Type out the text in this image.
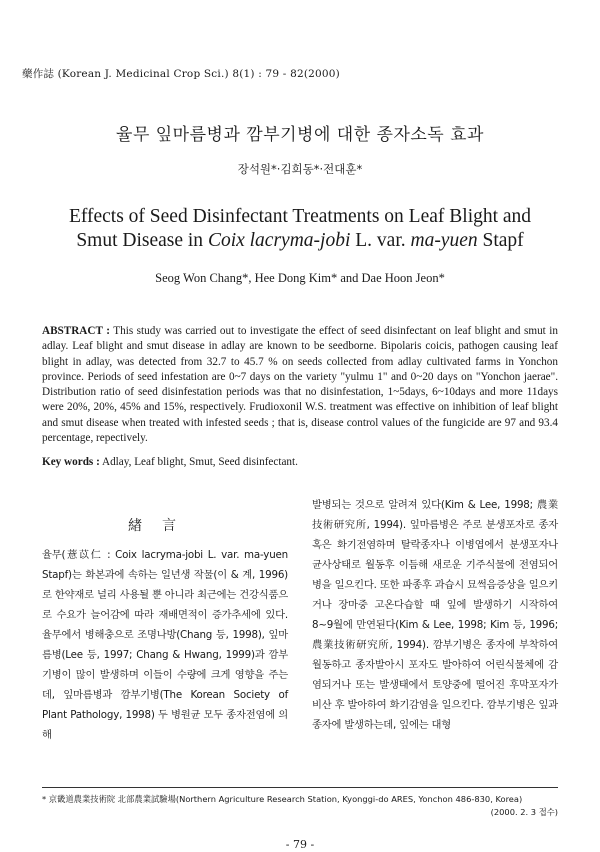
藥作誌 (Korean J. Medicinal Crop Sci.) 8(1) : 79 - 82(2000)
율무 잎마름병과 깜부기병에 대한 종자소독 효과
장석원*·김희동*·전대훈*
Effects of Seed Disinfectant Treatments on Leaf Blight and
Smut Disease in Coix lacryma-jobi L. var. ma-yuen Stapf
Seog Won Chang*, Hee Dong Kim* and Dae Hoon Jeon*
ABSTRACT : This study was carried out to investigate the effect of seed disinfectant on leaf blight and smut in adlay. Leaf blight and smut disease in adlay are known to be seedborne. Bipolaris coicis, pathogen causing leaf blight in adlay, was detected from 32.7 to 45.7 % on seeds collected from adlay cultivated farms in Yonchon province. Periods of seed infestation are 0~7 days on the variety "yulmu 1" and 0~20 days on "Yonchon jaerae". Distribution ratio of seed disinfestation periods was that no disinfestation, 1~5days, 6~10days and more 11days were 20%, 20%, 45% and 15%, respectively. Frudioxonil W.S. treatment was effective on inhibition of leaf blight and smut disease when treated with infested seeds ; that is, disease control values of the fungicide are 97 and 93.4 percentage, repectively.
Key words : Adlay, Leaf blight, Smut, Seed disinfectant.
緖言

율무(薏苡仁 : Coix lacryma-jobi L. var. ma-yuen Stapf)는 화본과에 속하는 일년생 작물(이 & 계, 1996)로 한약재로 널리 사용될 뿐 아니라 최근에는 건강식품으로 수요가 늘어감에 따라 재배면적이 증가추세에 있다. 율무에서 병해충으로 조명나방(Chang 등, 1998), 잎마름병(Lee 등, 1997; Chang & Hwang, 1999)과 깜부기병이 많이 발생하며 이들이 수량에 크게 영향을 주는데, 잎마름병과 깜부기병(The Korean Society of Plant Pathology, 1998) 두 병원균 모두 종자전염에 의해

발병되는 것으로 알려져 있다(Kim & Lee, 1998; 農業技術研究所, 1994). 잎마름병은 주로 분생포자로 종자 혹은 화기전염하며 탈락종자나 이병엽에서 분생포자나 균사상태로 월동후 이듬해 새로운 기주식물에 전염되어 병을 일으킨다. 또한 파종후 과습시 묘썩음증상을 일으키거나 장마중 고온다습할 때 잎에 발생하기 시작하여 8~9월에 만연된다(Kim & Lee, 1998; Kim 등, 1996; 農業技術研究所, 1994). 깜부기병은 종자에 부착하여 월동하고 종자발아시 포자도 발아하여 어린식물체에 감염되거나 또는 발생태에서 토양중에 떨어진 후막포자가 비산 후 발아하여 화기감염을 일으킨다. 깜부기병은 잎과 종자에 발생하는데, 잎에는 대형

* 京畿道農業技術院 北部農業試驗場(Northern Agriculture Research Station, Kyonggi-do ARES, Yonchon 486-830, Korea)
(2000. 2. 3 접수)
- 79 -
